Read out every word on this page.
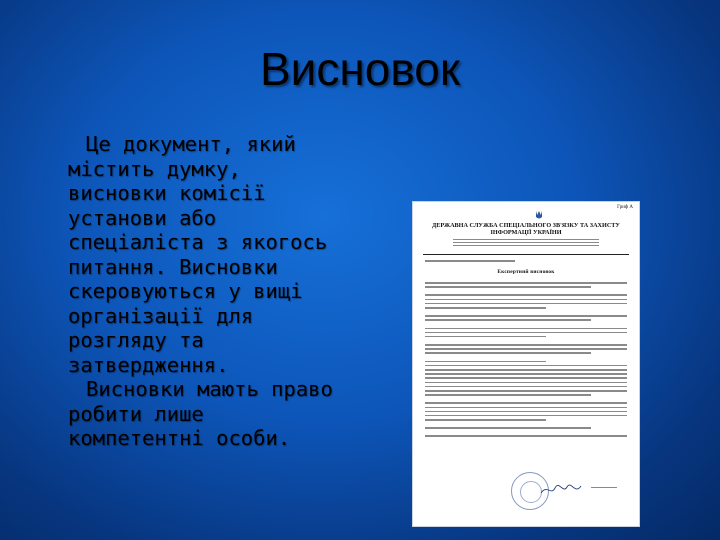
Висновок

Це документ, який містить думку, висновки комісії установи або спеціаліста з якогось питання. Висновки скеровуються у вищі організації для розгляду та затвердження.

Висновки мають право робити лише компетентні особи.

Гриф А
ДЕРЖАВНА СЛУЖБА СПЕЦІАЛЬНОГО ЗВ'ЯЗКУ ТА ЗАХИСТУ ІНФОРМАЦІЇ УКРАЇНИ
Експертний висновок
